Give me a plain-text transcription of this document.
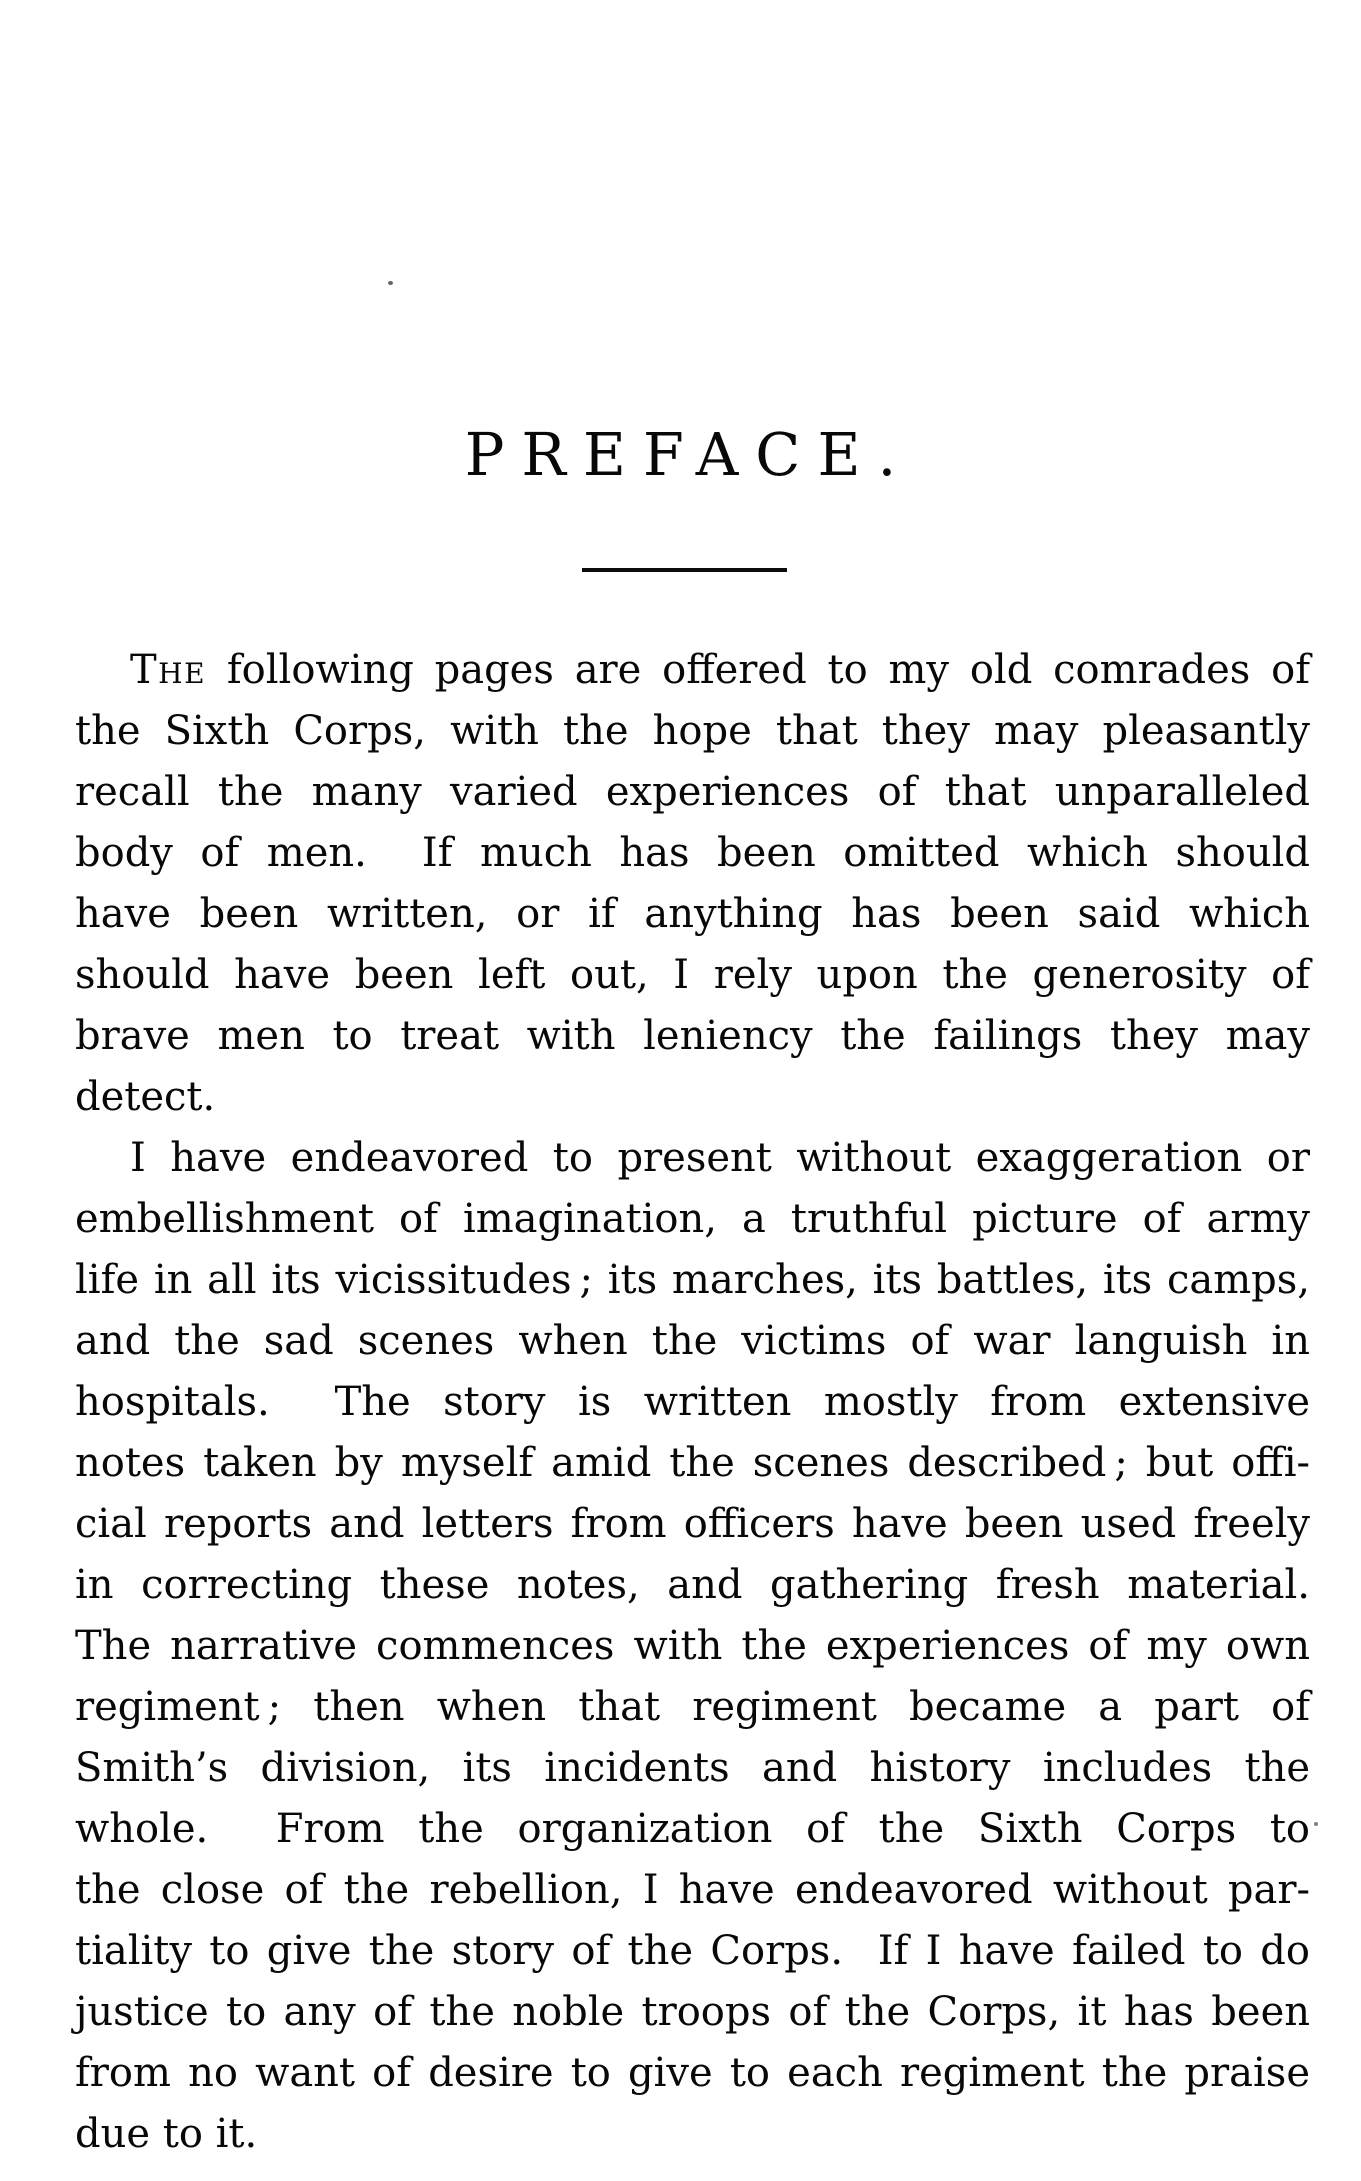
PREFACE.
The following pages are offered to my old comrades of
the Sixth Corps, with the hope that they may pleasantly
recall the many varied experiences of that unparalleled
body of men.  If much has been omitted which should
have been written, or if anything has been said which
should have been left out, I rely upon the generosity of
brave men to treat with leniency the failings they may
detect.
I have endeavored to present without exaggeration or
embellishment of imagination, a truthful picture of army
life in all its vicissitudes ; its marches, its battles, its camps,
and the sad scenes when the victims of war languish in
hospitals.  The story is written mostly from extensive
notes taken by myself amid the scenes described ; but offi-
cial reports and letters from officers have been used freely
in correcting these notes, and gathering fresh material.
The narrative commences with the experiences of my own
regiment ; then when that regiment became a part of
Smith’s division, its incidents and history includes the
whole.  From the organization of the Sixth Corps to
the close of the rebellion, I have endeavored without par-
tiality to give the story of the Corps.  If I have failed to do
justice to any of the noble troops of the Corps, it has been
from no want of desire to give to each regiment the praise
due to it.
